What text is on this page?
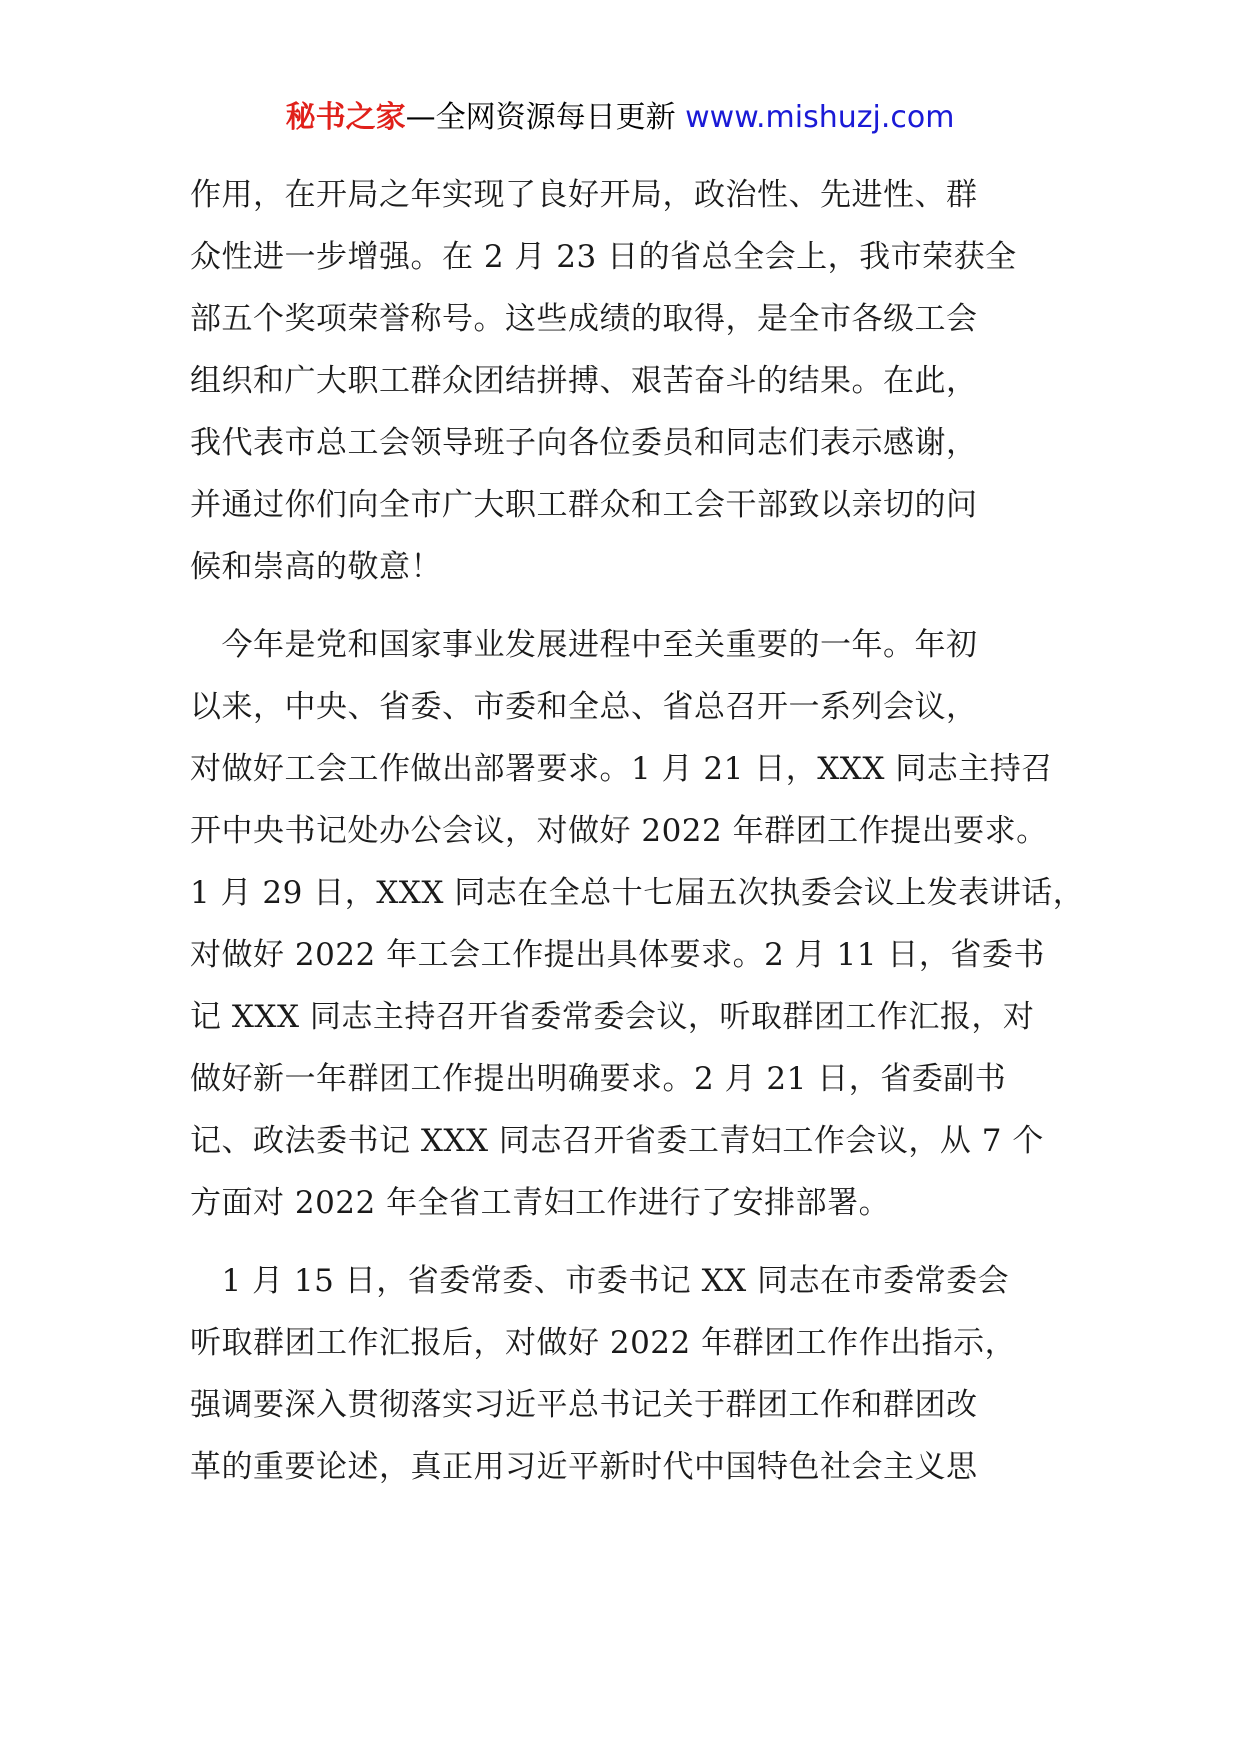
秘书之家—全网资源每日更新 www.mishuzj.com
作用，在开局之年实现了良好开局，政治性、先进性、群
众性进一步增强。在 2 月 23 日的省总全会上，我市荣获全
部五个奖项荣誉称号。这些成绩的取得，是全市各级工会
组织和广大职工群众团结拼搏、艰苦奋斗的结果。在此，
我代表市总工会领导班子向各位委员和同志们表示感谢，
并通过你们向全市广大职工群众和工会干部致以亲切的问
候和崇高的敬意！
　今年是党和国家事业发展进程中至关重要的一年。年初
以来，中央、省委、市委和全总、省总召开一系列会议，
对做好工会工作做出部署要求。1 月 21 日，XXX 同志主持召
开中央书记处办公会议，对做好 2022 年群团工作提出要求。
1 月 29 日，XXX 同志在全总十七届五次执委会议上发表讲话，
对做好 2022 年工会工作提出具体要求。2 月 11 日，省委书
记 XXX 同志主持召开省委常委会议，听取群团工作汇报，对
做好新一年群团工作提出明确要求。2 月 21 日，省委副书
记、政法委书记 XXX 同志召开省委工青妇工作会议，从 7 个
方面对 2022 年全省工青妇工作进行了安排部署。
　1 月 15 日，省委常委、市委书记 XX 同志在市委常委会
听取群团工作汇报后，对做好 2022 年群团工作作出指示，
强调要深入贯彻落实习近平总书记关于群团工作和群团改
革的重要论述，真正用习近平新时代中国特色社会主义思
